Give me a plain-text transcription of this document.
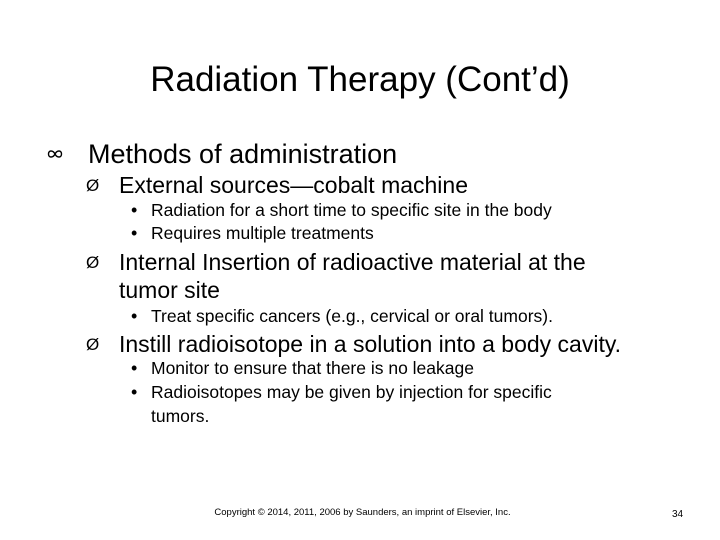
Radiation Therapy (Cont’d)
Methods of administration
Ø External sources—cobalt machine
• Radiation for a short time to specific site in the body
• Requires multiple treatments
Ø Internal Insertion of radioactive material at the
tumor site
• Treat specific cancers (e.g., cervical or oral tumors).
Ø Instill radioisotope in a solution into a body cavity.
• Monitor to ensure that there is no leakage
• Radioisotopes may be given by injection for specific
tumors.
Copyright © 2014, 2011, 2006 by Saunders, an imprint of Elsevier, Inc.	34
